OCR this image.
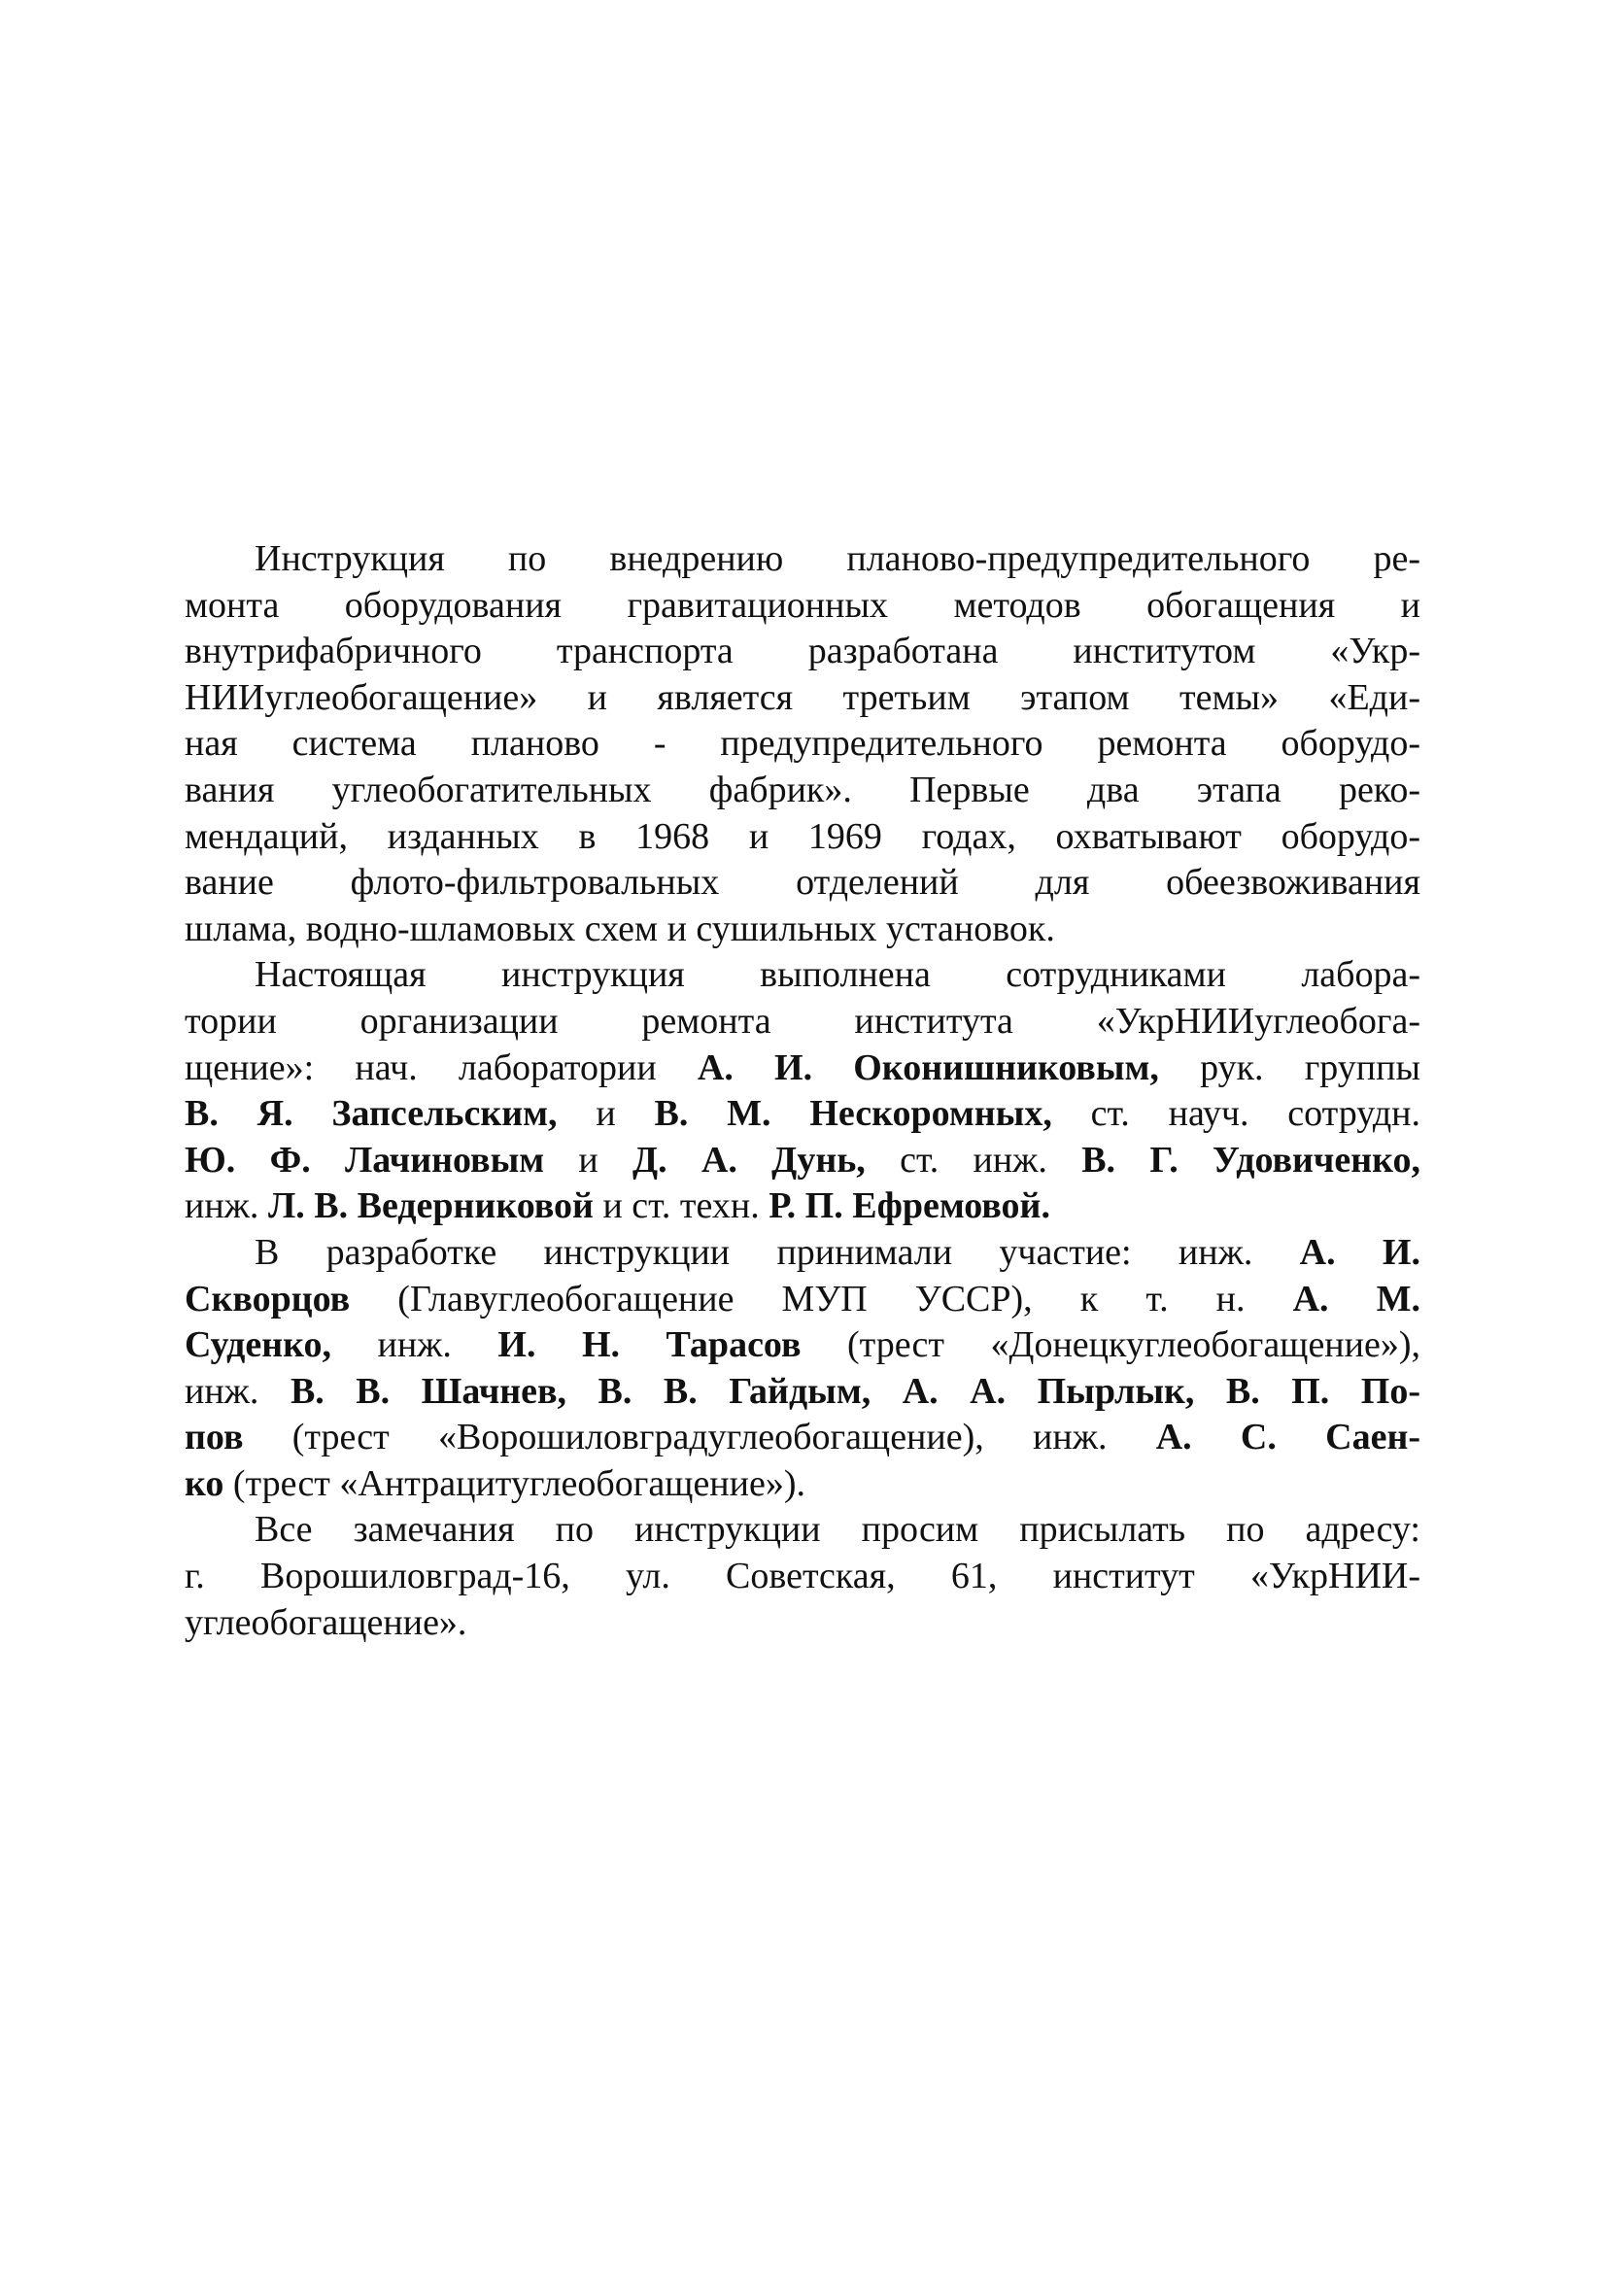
Инструкция по внедрению планово-предупредительного ре-
монта оборудования гравитационных методов обогащения и
внутрифабричного транспорта разработана институтом «Укр-
НИИуглеобогащение» и является третьим этапом темы» «Еди-
ная система планово - предупредительного ремонта оборудо-
вания углеобогатительных фабрик». Первые два этапа реко-
мендаций, изданных в 1968 и 1969 годах, охватывают оборудо-
вание флото-фильтровальных отделений для обеезвоживания
шлама, водно-шламовых схем и сушильных установок.
Настоящая инструкция выполнена сотрудниками лабора-
тории организации ремонта института «УкрНИИуглеобога-
щение»: нач. лаборатории А. И. Оконишниковым, рук. группы
В. Я. Запсельским, и В. М. Нескоромных, ст. науч. сотрудн.
Ю. Ф. Лачиновым и Д. А. Дунь, ст. инж. В. Г. Удовиченко,
инж. Л. В. Ведерниковой и ст. техн. Р. П. Ефремовой.
В разработке инструкции принимали участие: инж. А. И.
Скворцов (Главуглеобогащение МУП УССР), к т. н. А. М.
Суденко, инж. И. Н. Тарасов (трест «Донецкуглеобогащение»),
инж. В. В. Шачнев, В. В. Гайдым, А. А. Пырлык, В. П. По-
пов (трест «Ворошиловградуглеобогащение), инж. А. С. Саен-
ко (трест «Антрацитуглеобогащение»).
Все замечания по инструкции просим присылать по адресу:
г. Ворошиловград-16, ул. Советская, 61, институт «УкрНИИ-
углеобогащение».
